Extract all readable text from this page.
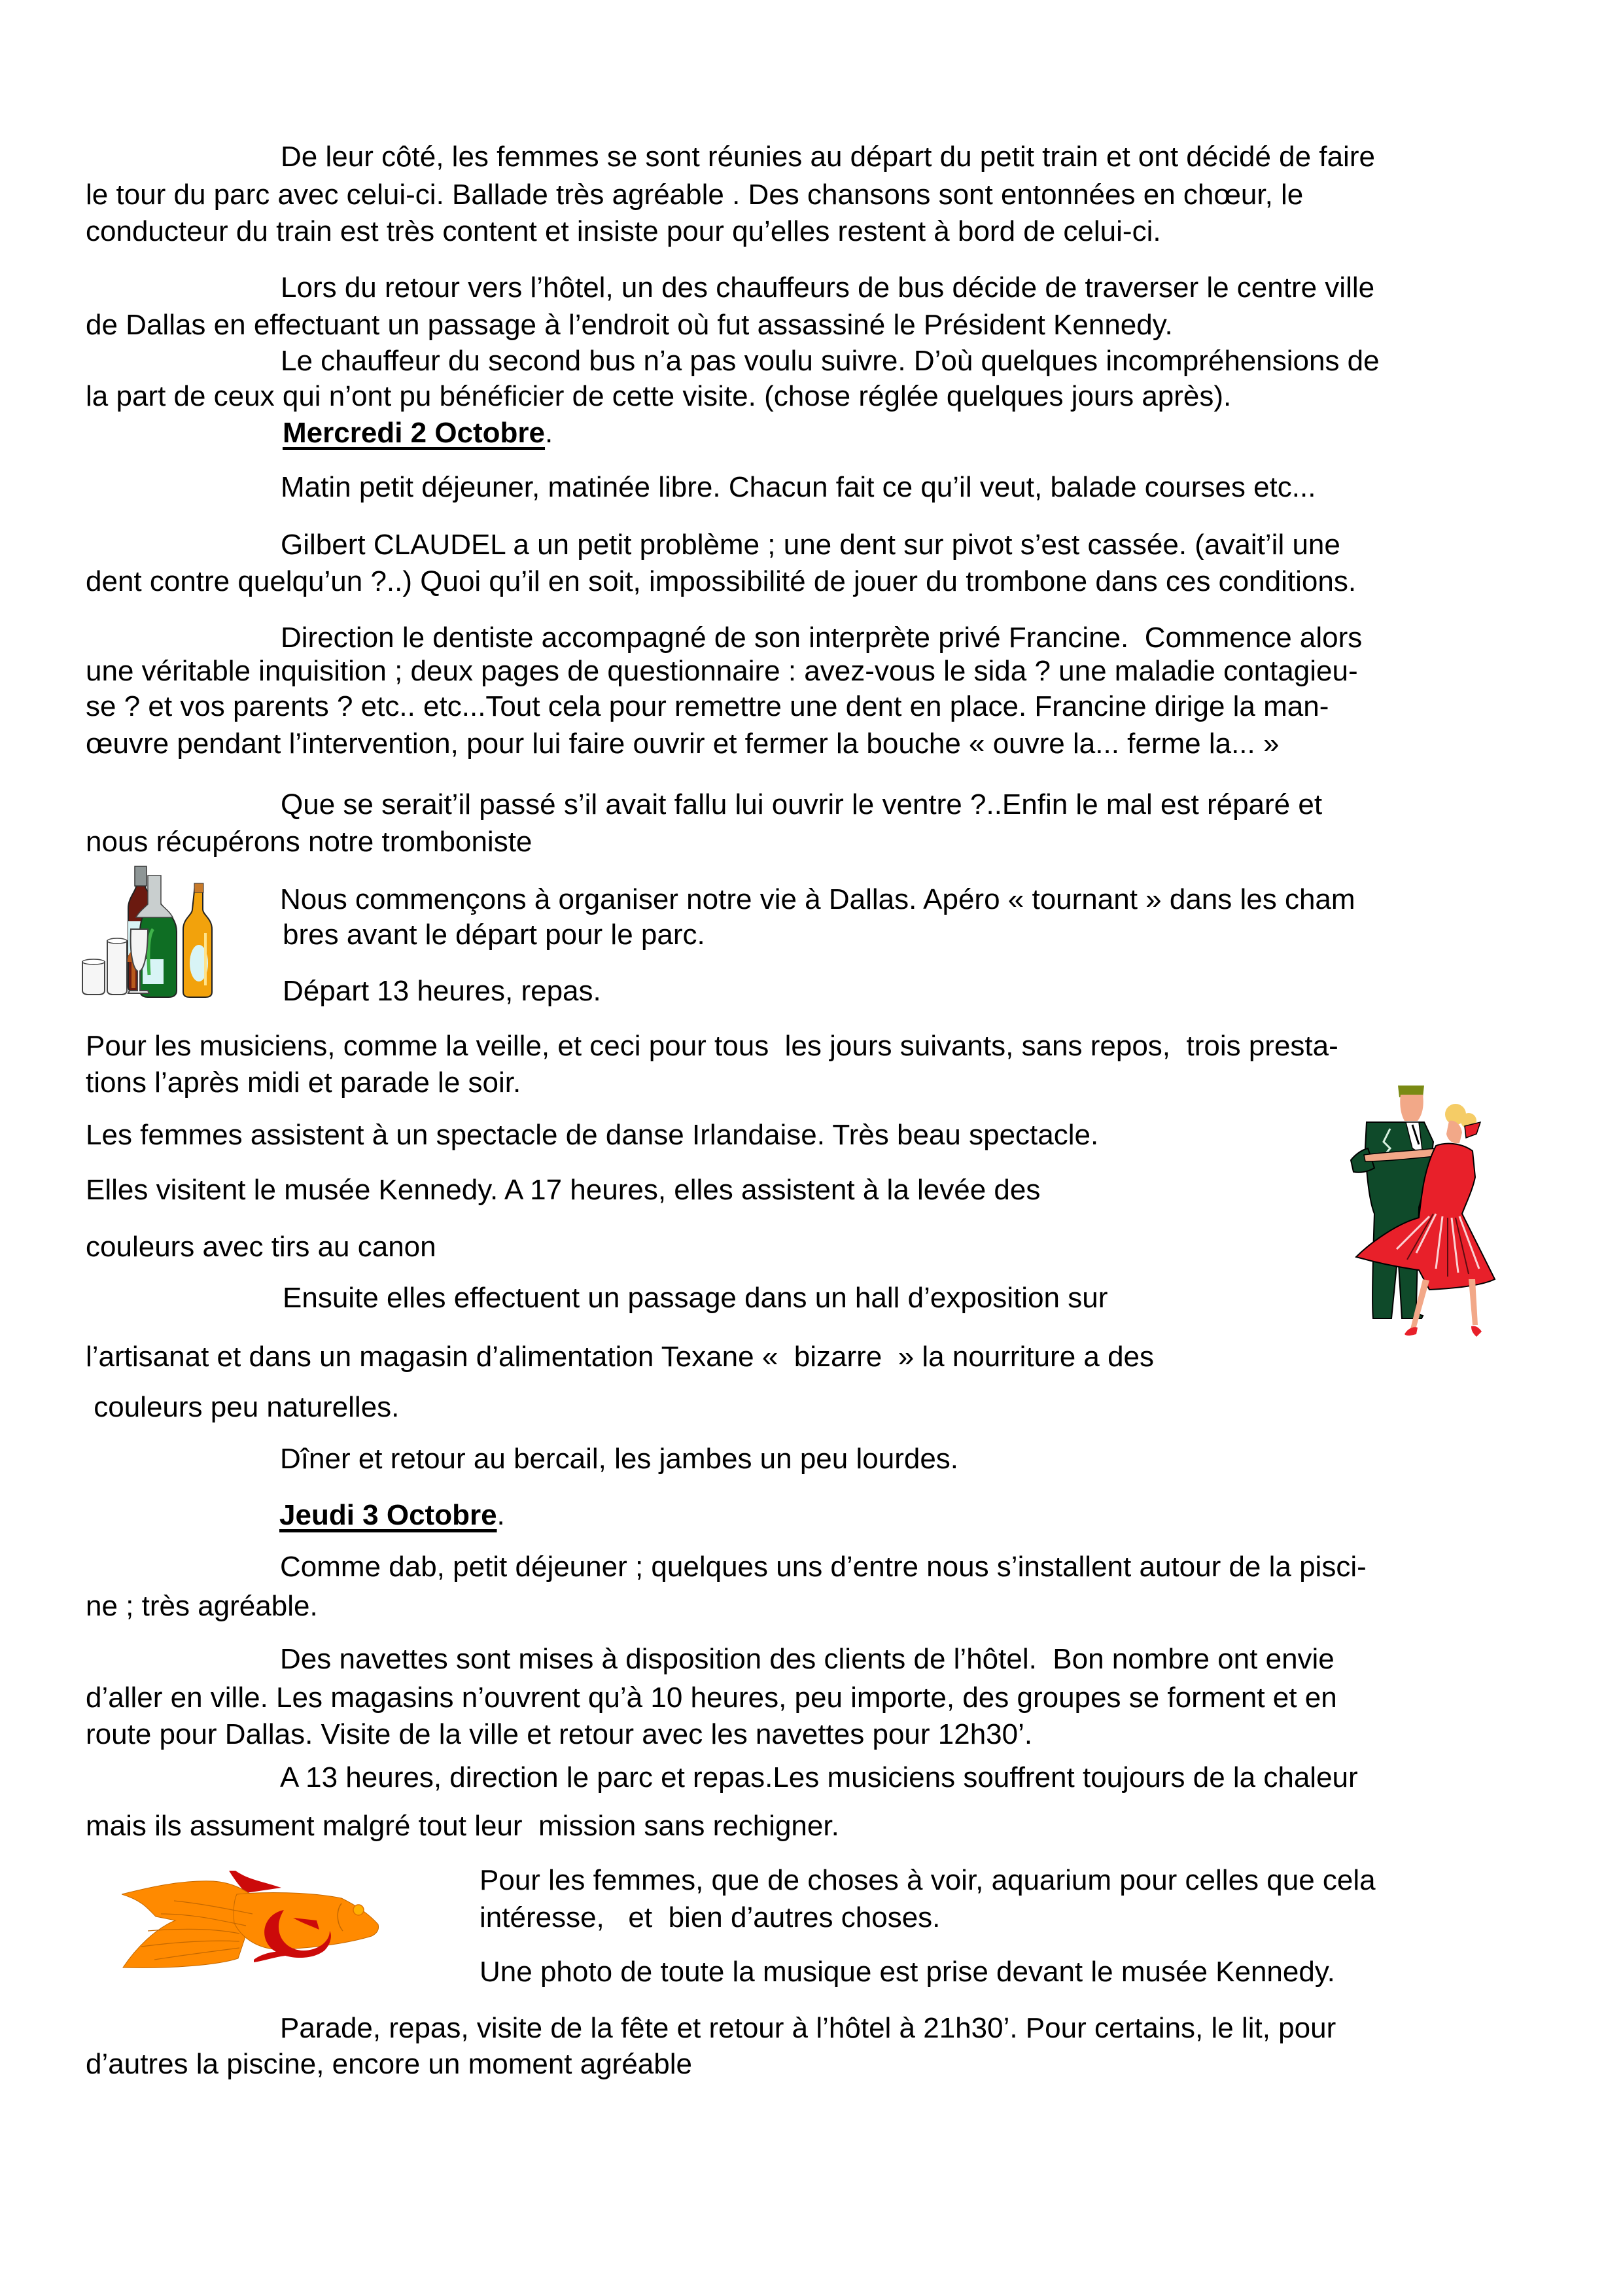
De leur côté, les femmes se sont réunies au départ du petit train et ont décidé de faire

le tour du parc avec celui-ci. Ballade très agréable . Des chansons sont entonnées en chœur, le

conducteur du train est très content et insiste pour qu’elles restent à bord de celui-ci.

Lors du retour vers l’hôtel, un des chauffeurs de bus décide de traverser le centre ville

de Dallas en effectuant un passage à l’endroit où fut assassiné le Président Kennedy.

Le chauffeur du second bus n’a pas voulu suivre. D’où quelques incompréhensions de

la part de ceux qui n’ont pu bénéficier de cette visite. (chose réglée quelques jours après).

Mercredi 2 Octobre.

Matin petit déjeuner, matinée libre. Chacun fait ce qu’il veut, balade courses etc...

Gilbert CLAUDEL a un petit problème ; une dent sur pivot s’est cassée. (avait’il une

dent contre quelqu’un ?..) Quoi qu’il en soit, impossibilité de jouer du trombone dans ces conditions.

Direction le dentiste accompagné de son interprète privé Francine.  Commence alors

une véritable inquisition ; deux pages de questionnaire : avez-vous le sida ? une maladie contagieu-

se ? et vos parents ? etc.. etc...Tout cela pour remettre une dent en place. Francine dirige la man-

œuvre pendant l’intervention, pour lui faire ouvrir et fermer la bouche « ouvre la... ferme la... »

Que se serait’il passé s’il avait fallu lui ouvrir le ventre ?..Enfin le mal est réparé et

nous récupérons notre tromboniste

Nous commençons à organiser notre vie à Dallas. Apéro « tournant » dans les cham

bres avant le départ pour le parc.

Départ 13 heures, repas.

Pour les musiciens, comme la veille, et ceci pour tous  les jours suivants, sans repos,  trois presta-

tions l’après midi et parade le soir.

Les femmes assistent à un spectacle de danse Irlandaise. Très beau spectacle.

Elles visitent le musée Kennedy. A 17 heures, elles assistent à la levée des

couleurs avec tirs au canon

Ensuite elles effectuent un passage dans un hall d’exposition sur

l’artisanat et dans un magasin d’alimentation Texane «  bizarre  » la nourriture a des

couleurs peu naturelles.

Dîner et retour au bercail, les jambes un peu lourdes.

Jeudi 3 Octobre.

Comme dab, petit déjeuner ; quelques uns d’entre nous s’installent autour de la pisci-

ne ; très agréable.

Des navettes sont mises à disposition des clients de l’hôtel.  Bon nombre ont envie

d’aller en ville. Les magasins n’ouvrent qu’à 10 heures, peu importe, des groupes se forment et en

route pour Dallas. Visite de la ville et retour avec les navettes pour 12h30’.

A 13 heures, direction le parc et repas.Les musiciens souffrent toujours de la chaleur

mais ils assument malgré tout leur  mission sans rechigner.

Pour les femmes, que de choses à voir, aquarium pour celles que cela

intéresse,   et  bien d’autres choses.

Une photo de toute la musique est prise devant le musée Kennedy.

Parade, repas, visite de la fête et retour à l’hôtel à 21h30’. Pour certains, le lit, pour

d’autres la piscine, encore un moment agréable
